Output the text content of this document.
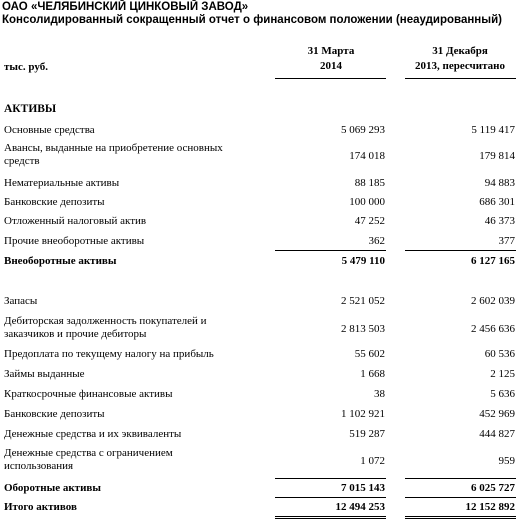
ОАО «ЧЕЛЯБИНСКИЙ ЦИНКОВЫЙ ЗАВОД»
Консолидированный сокращенный отчет о финансовом положении (неаудированный)
31 Марта
2014
31 Декабря
2013, пересчитано
тыс. руб.
АКТИВЫ
Основные средства	5 069 293	5 119 417
Авансы, выданные на приобретение основных средств	174 018	179 814
Нематериальные активы	88 185	94 883
Банковские депозиты	100 000	686 301
Отложенный налоговый актив	47 252	46 373
Прочие внеоборотные активы	362	377
Внеоборотные активы	5 479 110	6 127 165
Запасы	2 521 052	2 602 039
Дебиторская задолженность покупателей и заказчиков и прочие дебиторы	2 813 503	2 456 636
Предоплата по текущему налогу на прибыль	55 602	60 536
Займы выданные	1 668	2 125
Краткосрочные финансовые активы	38	5 636
Банковские депозиты	1 102 921	452 969
Денежные средства и их эквиваленты	519 287	444 827
Денежные средства с ограничением использования	1 072	959
Оборотные активы	7 015 143	6 025 727
Итого активов	12 494 253	12 152 892
